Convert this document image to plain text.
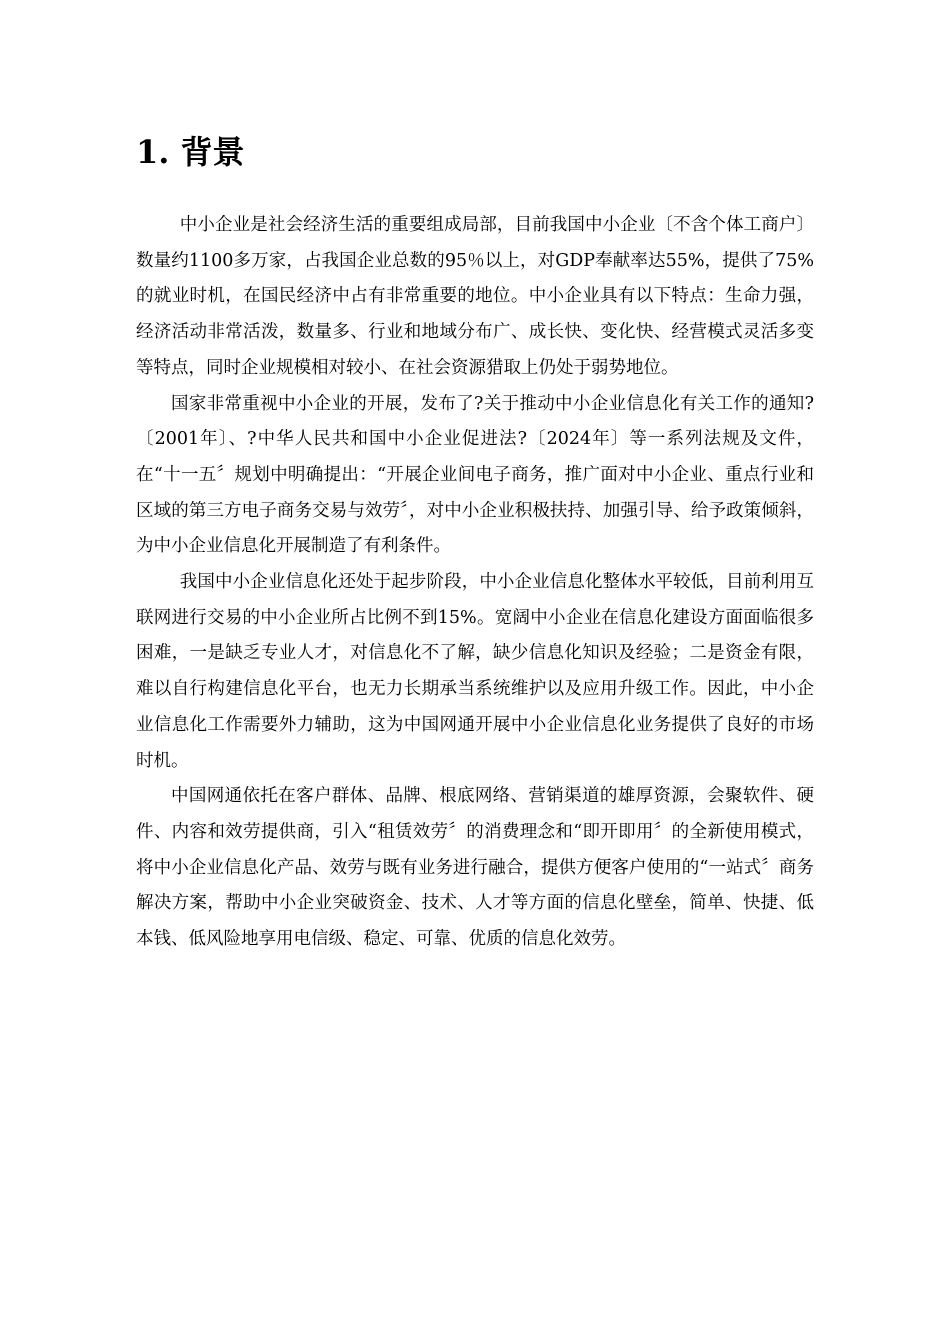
1. 背景

中小企业是社会经济生活的重要组成局部，目前我国中小企业〔不含个体工商户〕数量约1100多万家，占我国企业总数的95％以上，对GDP奉献率达55%，提供了75%的就业时机，在国民经济中占有非常重要的地位。中小企业具有以下特点：生命力强，经济活动非常活泼，数量多、行业和地域分布广、成长快、变化快、经营模式灵活多变等特点，同时企业规模相对较小、在社会资源猎取上仍处于弱势地位。

国家非常重视中小企业的开展，发布了?关于推动中小企业信息化有关工作的通知?〔2001年〕、?中华人民共和国中小企业促进法?〔2024年〕等一系列法规及文件，在“十一五〞规划中明确提出：“开展企业间电子商务，推广面对中小企业、重点行业和区域的第三方电子商务交易与效劳〞，对中小企业积极扶持、加强引导、给予政策倾斜，为中小企业信息化开展制造了有利条件。

我国中小企业信息化还处于起步阶段，中小企业信息化整体水平较低，目前利用互联网进行交易的中小企业所占比例不到15%。宽阔中小企业在信息化建设方面面临很多困难，一是缺乏专业人才，对信息化不了解，缺少信息化知识及经验；二是资金有限，难以自行构建信息化平台，也无力长期承当系统维护以及应用升级工作。因此，中小企业信息化工作需要外力辅助，这为中国网通开展中小企业信息化业务提供了良好的市场时机。

中国网通依托在客户群体、品牌、根底网络、营销渠道的雄厚资源，会聚软件、硬件、内容和效劳提供商，引入“租赁效劳〞的消费理念和“即开即用〞的全新使用模式，将中小企业信息化产品、效劳与既有业务进行融合，提供方便客户使用的“一站式〞商务解决方案，帮助中小企业突破资金、技术、人才等方面的信息化壁垒，简单、快捷、低本钱、低风险地享用电信级、稳定、可靠、优质的信息化效劳。
